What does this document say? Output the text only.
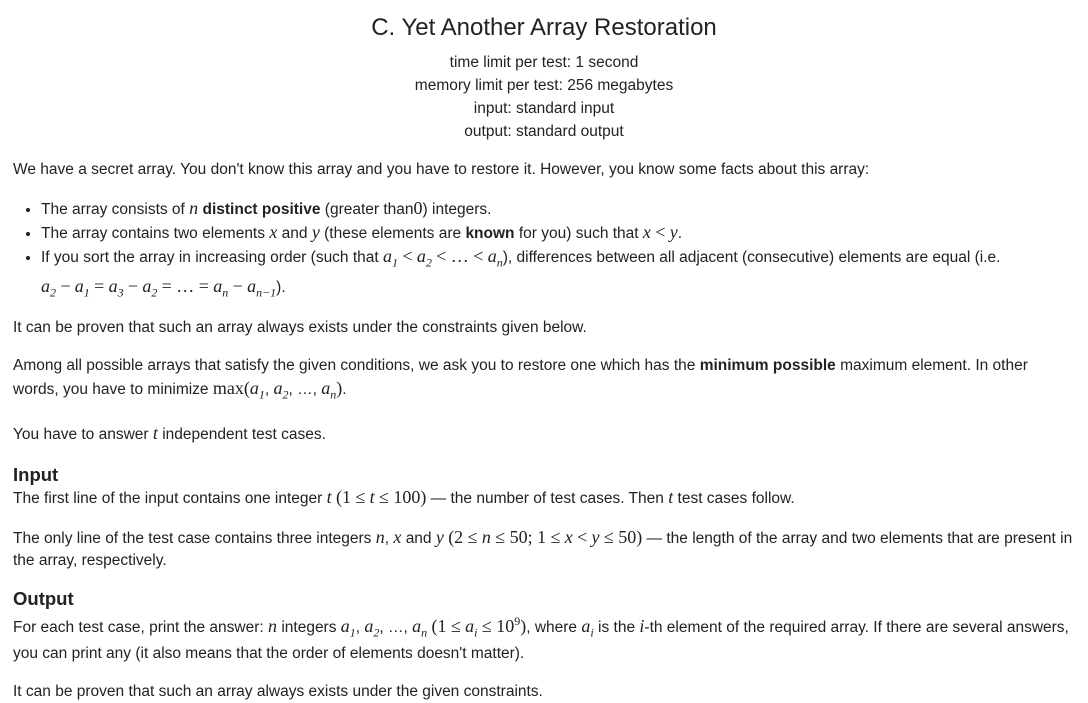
C. Yet Another Array Restoration
time limit per test: 1 second
memory limit per test: 256 megabytes
input: standard input
output: standard output

We have a secret array. You don't know this array and you have to restore it. However, you know some facts about this array:

• The array consists of n distinct positive (greater than0) integers.
• The array contains two elements x and y (these elements are known for you) such that x < y.
• If you sort the array in increasing order (such that $a_1 < a_2$ < … < $a_n$), differences between all adjacent (consecutive) elements are equal (i.e.
$a_2 - a_1 = a_3 - a_2$ = … = $a_n - a_{n-1}$).

It can be proven that such an array always exists under the constraints given below.

Among all possible arrays that satisfy the given conditions, we ask you to restore one which has the minimum possible maximum element. In other words, you have to minimize $\max(a_1$, $a_2$, …, $a_n$).

You have to answer t independent test cases.

Input

The first line of the input contains one integer t (1 ≤ t ≤ 100) — the number of test cases. Then t test cases follow.

The only line of the test case contains three integers n, x and y (2 ≤ n ≤ 50; 1 ≤ x < y ≤ 50) — the length of the array and two elements that are present in the array, respectively.

Output

For each test case, print the answer: n integers $a_1$, $a_2$, …, $a_n$ $(1 \le a_i \le 10^9)$, where $a_i$ is the i-th element of the required array. If there are several answers, you can print any (it also means that the order of elements doesn't matter).

It can be proven that such an array always exists under the given constraints.
